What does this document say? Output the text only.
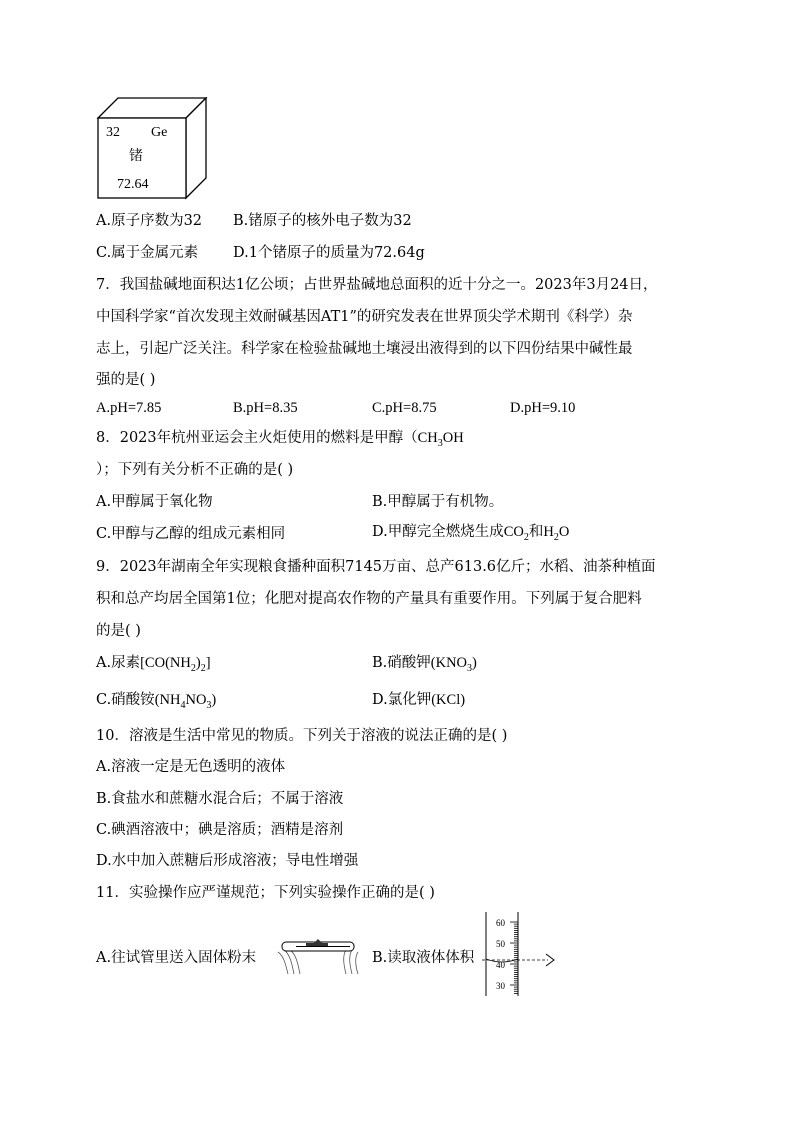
32 Ge
锗
72.64
A.原子序数为32 B.锗原子的核外电子数为32
C.属于金属元素 D.1个锗原子的质量为72.64g
7．我国盐碱地面积达1亿公顷；占世界盐碱地总面积的近十分之一。2023年3月24日，
中国科学家“首次发现主效耐碱基因AT1”的研究发表在世界顶尖学术期刊《科学）杂
志上，引起广泛关注。科学家在检验盐碱地土壤浸出液得到的以下四份结果中碱性最
强的是( )
A.pH=7.85	B.pH=8.35	C.pH=8.75	D.pH=9.10
8．2023年杭州亚运会主火炬使用的燃料是甲醇（$CH_3OH$
）；下列有关分析不正确的是( )
A.甲醇属于氧化物	B.甲醇属于有机物。
C.甲醇与乙醇的组成元素相同	D.甲醇完全燃烧生成$CO_2$和$H_2O$
9．2023年湖南全年实现粮食播种面积7145万亩、总产613.6亿斤；水稻、油茶种植面
积和总产均居全国第1位；化肥对提高农作物的产量具有重要作用。下列属于复合肥料
的是( )
A.尿素$[CO(NH_2)_2]$	B.硝酸钾$(KNO_3)$
C.硝酸铵$(NH_4NO_3)$	D.氯化钾(KCl)
10．溶液是生活中常见的物质。下列关于溶液的说法正确的是( )
A.溶液一定是无色透明的液体
B.食盐水和蔗糖水混合后；不属于溶液
C.碘酒溶液中；碘是溶质；酒精是溶剂
D.水中加入蔗糖后形成溶液；导电性增强
11．实验操作应严谨规范；下列实验操作正确的是( )
A.往试管里送入固体粉末	B.读取液体体积
60
50
40
30
